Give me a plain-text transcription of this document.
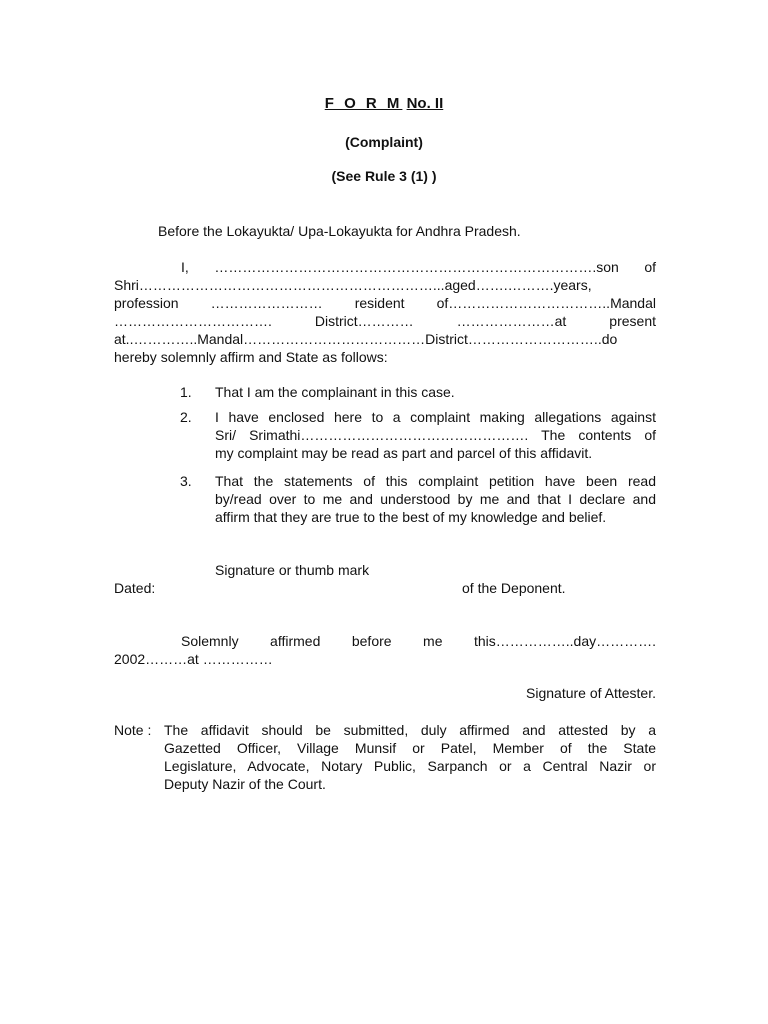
F O R M No. II
(Complaint)
(See Rule 3 (1) )
Before the Lokayukta/ Upa-Lokayukta for Andhra Pradesh.
I, ……………………………………………………………………….son of
Shri………………………………………………………...aged…….……….years,
profession …………………… resident of……………………………..Mandal
……………………………. District………… …………………at present
at..…………..Mandal…………………………………District………………………..do
hereby solemnly affirm and State as follows:
1. That I am the complainant in this case.
2. I have enclosed here to a complaint making allegations against
Sri/ Srimathi…………………………………………. The contents of
my complaint may be read as part and parcel of this affidavit.
3. That the statements of this complaint petition have been read
by/read over to me and understood by me and that I declare and
affirm that they are true to the best of my knowledge and belief.
Signature or thumb mark
Dated:	of the Deponent.
Solemnly affirmed before me this……………..day………….
2002………at ……………
Signature of Attester.
Note : The affidavit should be submitted, duly affirmed and attested by a
Gazetted Officer, Village Munsif or Patel, Member of the State
Legislature, Advocate, Notary Public, Sarpanch or a Central Nazir or
Deputy Nazir of the Court.
